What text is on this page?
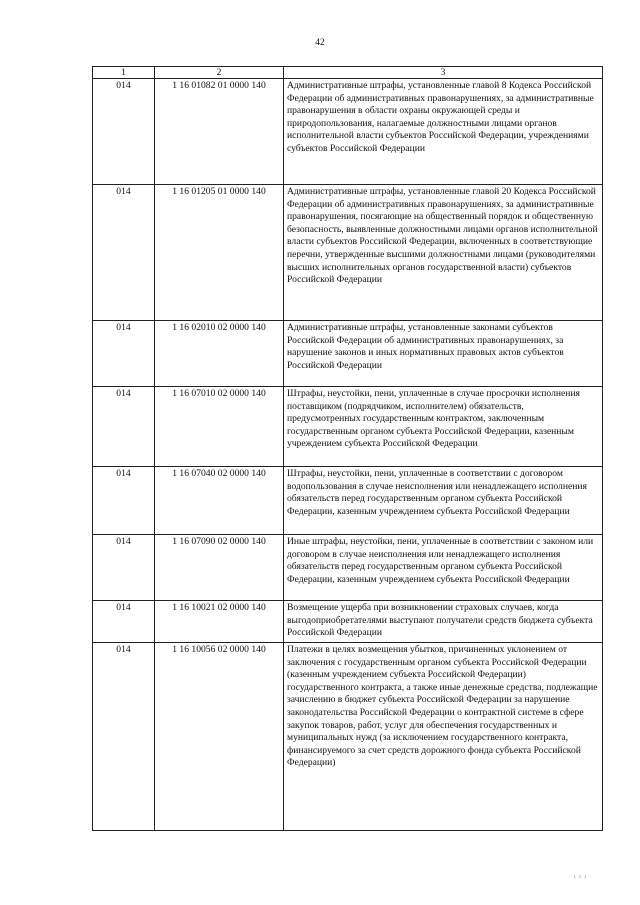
42
1	2	3
014	1 16 01082 01 0000 140	Административные штрафы, установленные главой 8 Кодекса Российской Федерации об административных правонарушениях, за административные правонарушения в области охраны окружающей среды и природопользования, налагаемые должностными лицами органов исполнительной власти субъектов Российской Федерации, учреждениями субъектов Российской Федерации
014	1 16 01205 01 0000 140	Административные штрафы, установленные главой 20 Кодекса Российской Федерации об административных правонарушениях, за административные правонарушения, посягающие на общественный порядок и общественную безопасность, выявленные должностными лицами органов исполнительной власти субъектов Российской Федерации, включенных в соответствующие перечни, утвержденные высшими должностными лицами (руководителями высших исполнительных органов государственной власти) субъектов Российской Федерации
014	1 16 02010 02 0000 140	Административные штрафы, установленные законами субъектов Российской Федерации об административных правонарушениях, за нарушение законов и иных нормативных правовых актов субъектов Российской Федерации
014	1 16 07010 02 0000 140	Штрафы, неустойки, пени, уплаченные в случае просрочки исполнения поставщиком (подрядчиком, исполнителем) обязательств, предусмотренных государственным контрактом, заключенным государственным органом субъекта Российской Федерации, казенным учреждением субъекта Российской Федерации
014	1 16 07040 02 0000 140	Штрафы, неустойки, пени, уплаченные в соответствии с договором водопользования в случае неисполнения или ненадлежащего исполнения обязательств перед государственным органом субъекта Российской Федерации, казенным учреждением субъекта Российской Федерации
014	1 16 07090 02 0000 140	Иные штрафы, неустойки, пени, уплаченные в соответствии с законом или договором в случае неисполнения или ненадлежащего исполнения обязательств перед государственным органом субъекта Российской Федерации, казенным учреждением субъекта Российской Федерации
014	1 16 10021 02 0000 140	Возмещение ущерба при возникновении страховых случаев, когда выгодоприобретателями выступают получатели средств бюджета субъекта Российской Федерации
014	1 16 10056 02 0000 140	Платежи в целях возмещения убытков, причиненных уклонением от заключения с государственным органом субъекта Российской Федерации (казенным учреждением субъекта Российской Федерации) государственного контракта, а также иные денежные средства, подлежащие зачислению в бюджет субъекта Российской Федерации за нарушение законодательства Российской Федерации о контрактной системе в сфере закупок товаров, работ, услуг для обеспечения государственных и муниципальных нужд (за исключением государственного контракта, финансируемого за счет средств дорожного фонда субъекта Российской Федерации)
ı ı ı
